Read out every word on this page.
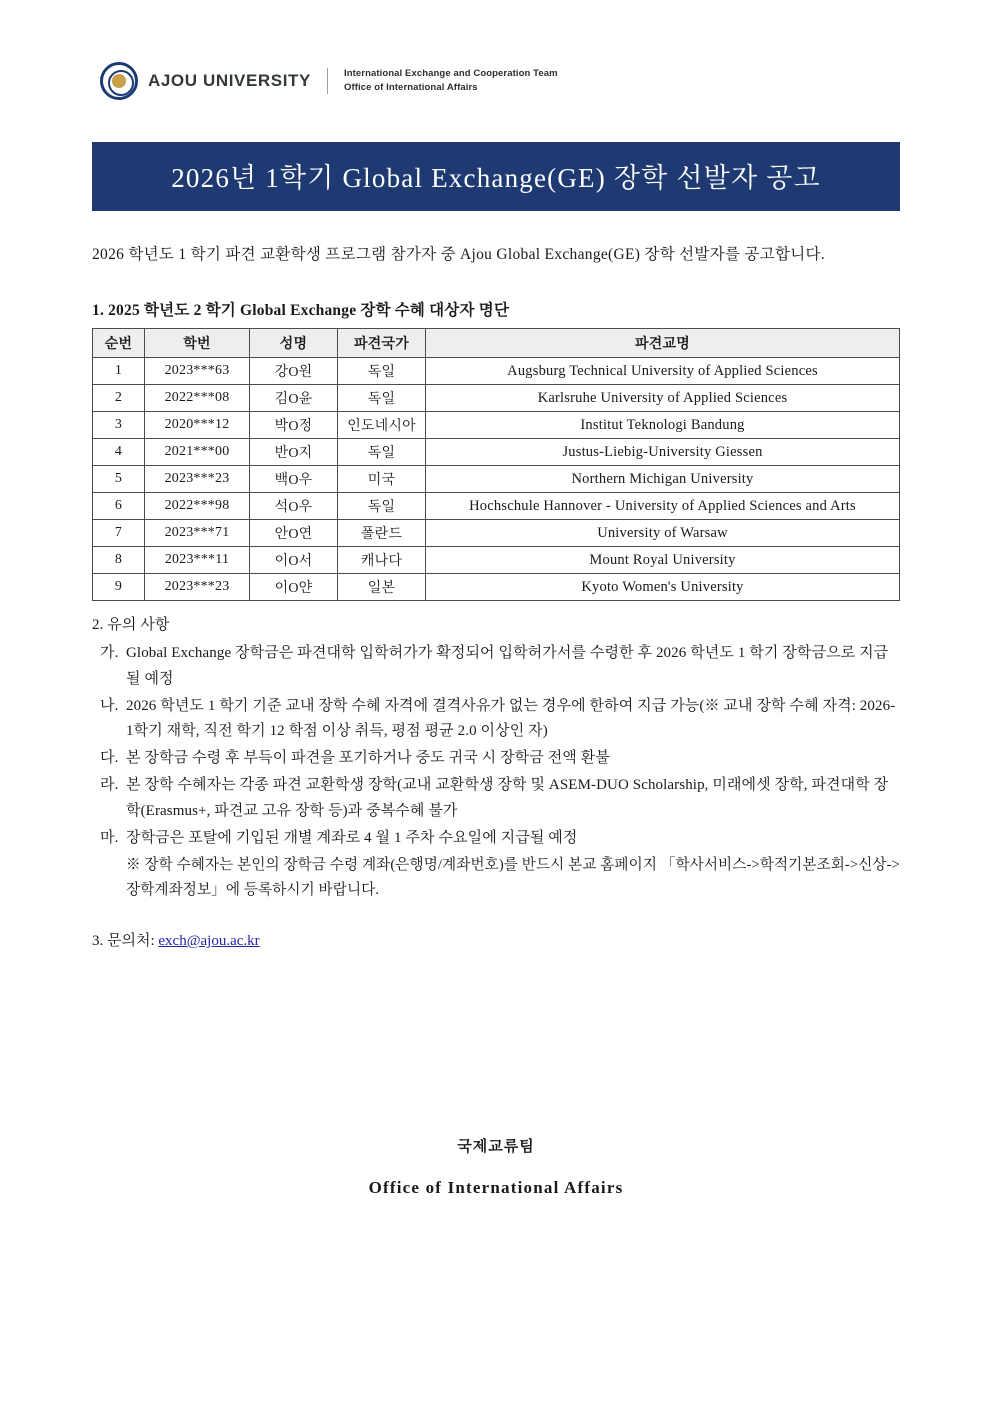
AJOU UNIVERSITY	International Exchange and Cooperation Team
Office of International Affairs
2026년 1학기 Global Exchange(GE) 장학 선발자 공고
2026 학년도 1 학기 파견 교환학생 프로그램 참가자 중 Ajou Global Exchange(GE) 장학 선발자를 공고합니다.
1. 2025 학년도 2 학기 Global Exchange 장학 수혜 대상자 명단
순번	학번	성명	파견국가	파견교명
1	2023***63	강O원	독일	Augsburg Technical University of Applied Sciences
2	2022***08	김O윤	독일	Karlsruhe University of Applied Sciences
3	2020***12	박O정	인도네시아	Institut Teknologi Bandung
4	2021***00	반O지	독일	Justus-Liebig-University Giessen
5	2023***23	백O우	미국	Northern Michigan University
6	2022***98	석O우	독일	Hochschule Hannover - University of Applied Sciences and Arts
7	2023***71	안O연	폴란드	University of Warsaw
8	2023***11	이O서	캐나다	Mount Royal University
9	2023***23	이O얀	일본	Kyoto Women's University
2. 유의 사항
가. Global Exchange 장학금은 파견대학 입학허가가 확정되어 입학허가서를 수령한 후 2026 학년도 1 학기 장학금으로 지급될 예정
나. 2026 학년도 1 학기 기준 교내 장학 수혜 자격에 결격사유가 없는 경우에 한하여 지급 가능(※ 교내 장학 수혜 자격: 2026-1학기 재학, 직전 학기 12 학점 이상 취득, 평점 평균 2.0 이상인 자)
다. 본 장학금 수령 후 부득이 파견을 포기하거나 중도 귀국 시 장학금 전액 환불
라. 본 장학 수혜자는 각종 파견 교환학생 장학(교내 교환학생 장학 및 ASEM-DUO Scholarship, 미래에셋 장학, 파견대학 장학(Erasmus+, 파견교 고유 장학 등)과 중복수혜 불가
마. 장학금은 포탈에 기입된 개별 계좌로 4 월 1 주차 수요일에 지급될 예정
※ 장학 수혜자는 본인의 장학금 수령 계좌(은행명/계좌번호)를 반드시 본교 홈페이지 「학사서비스->학적기본조회->신상->장학계좌정보」에 등록하시기 바랍니다.
3. 문의처: exch@ajou.ac.kr
국제교류팀
Office of International Affairs
